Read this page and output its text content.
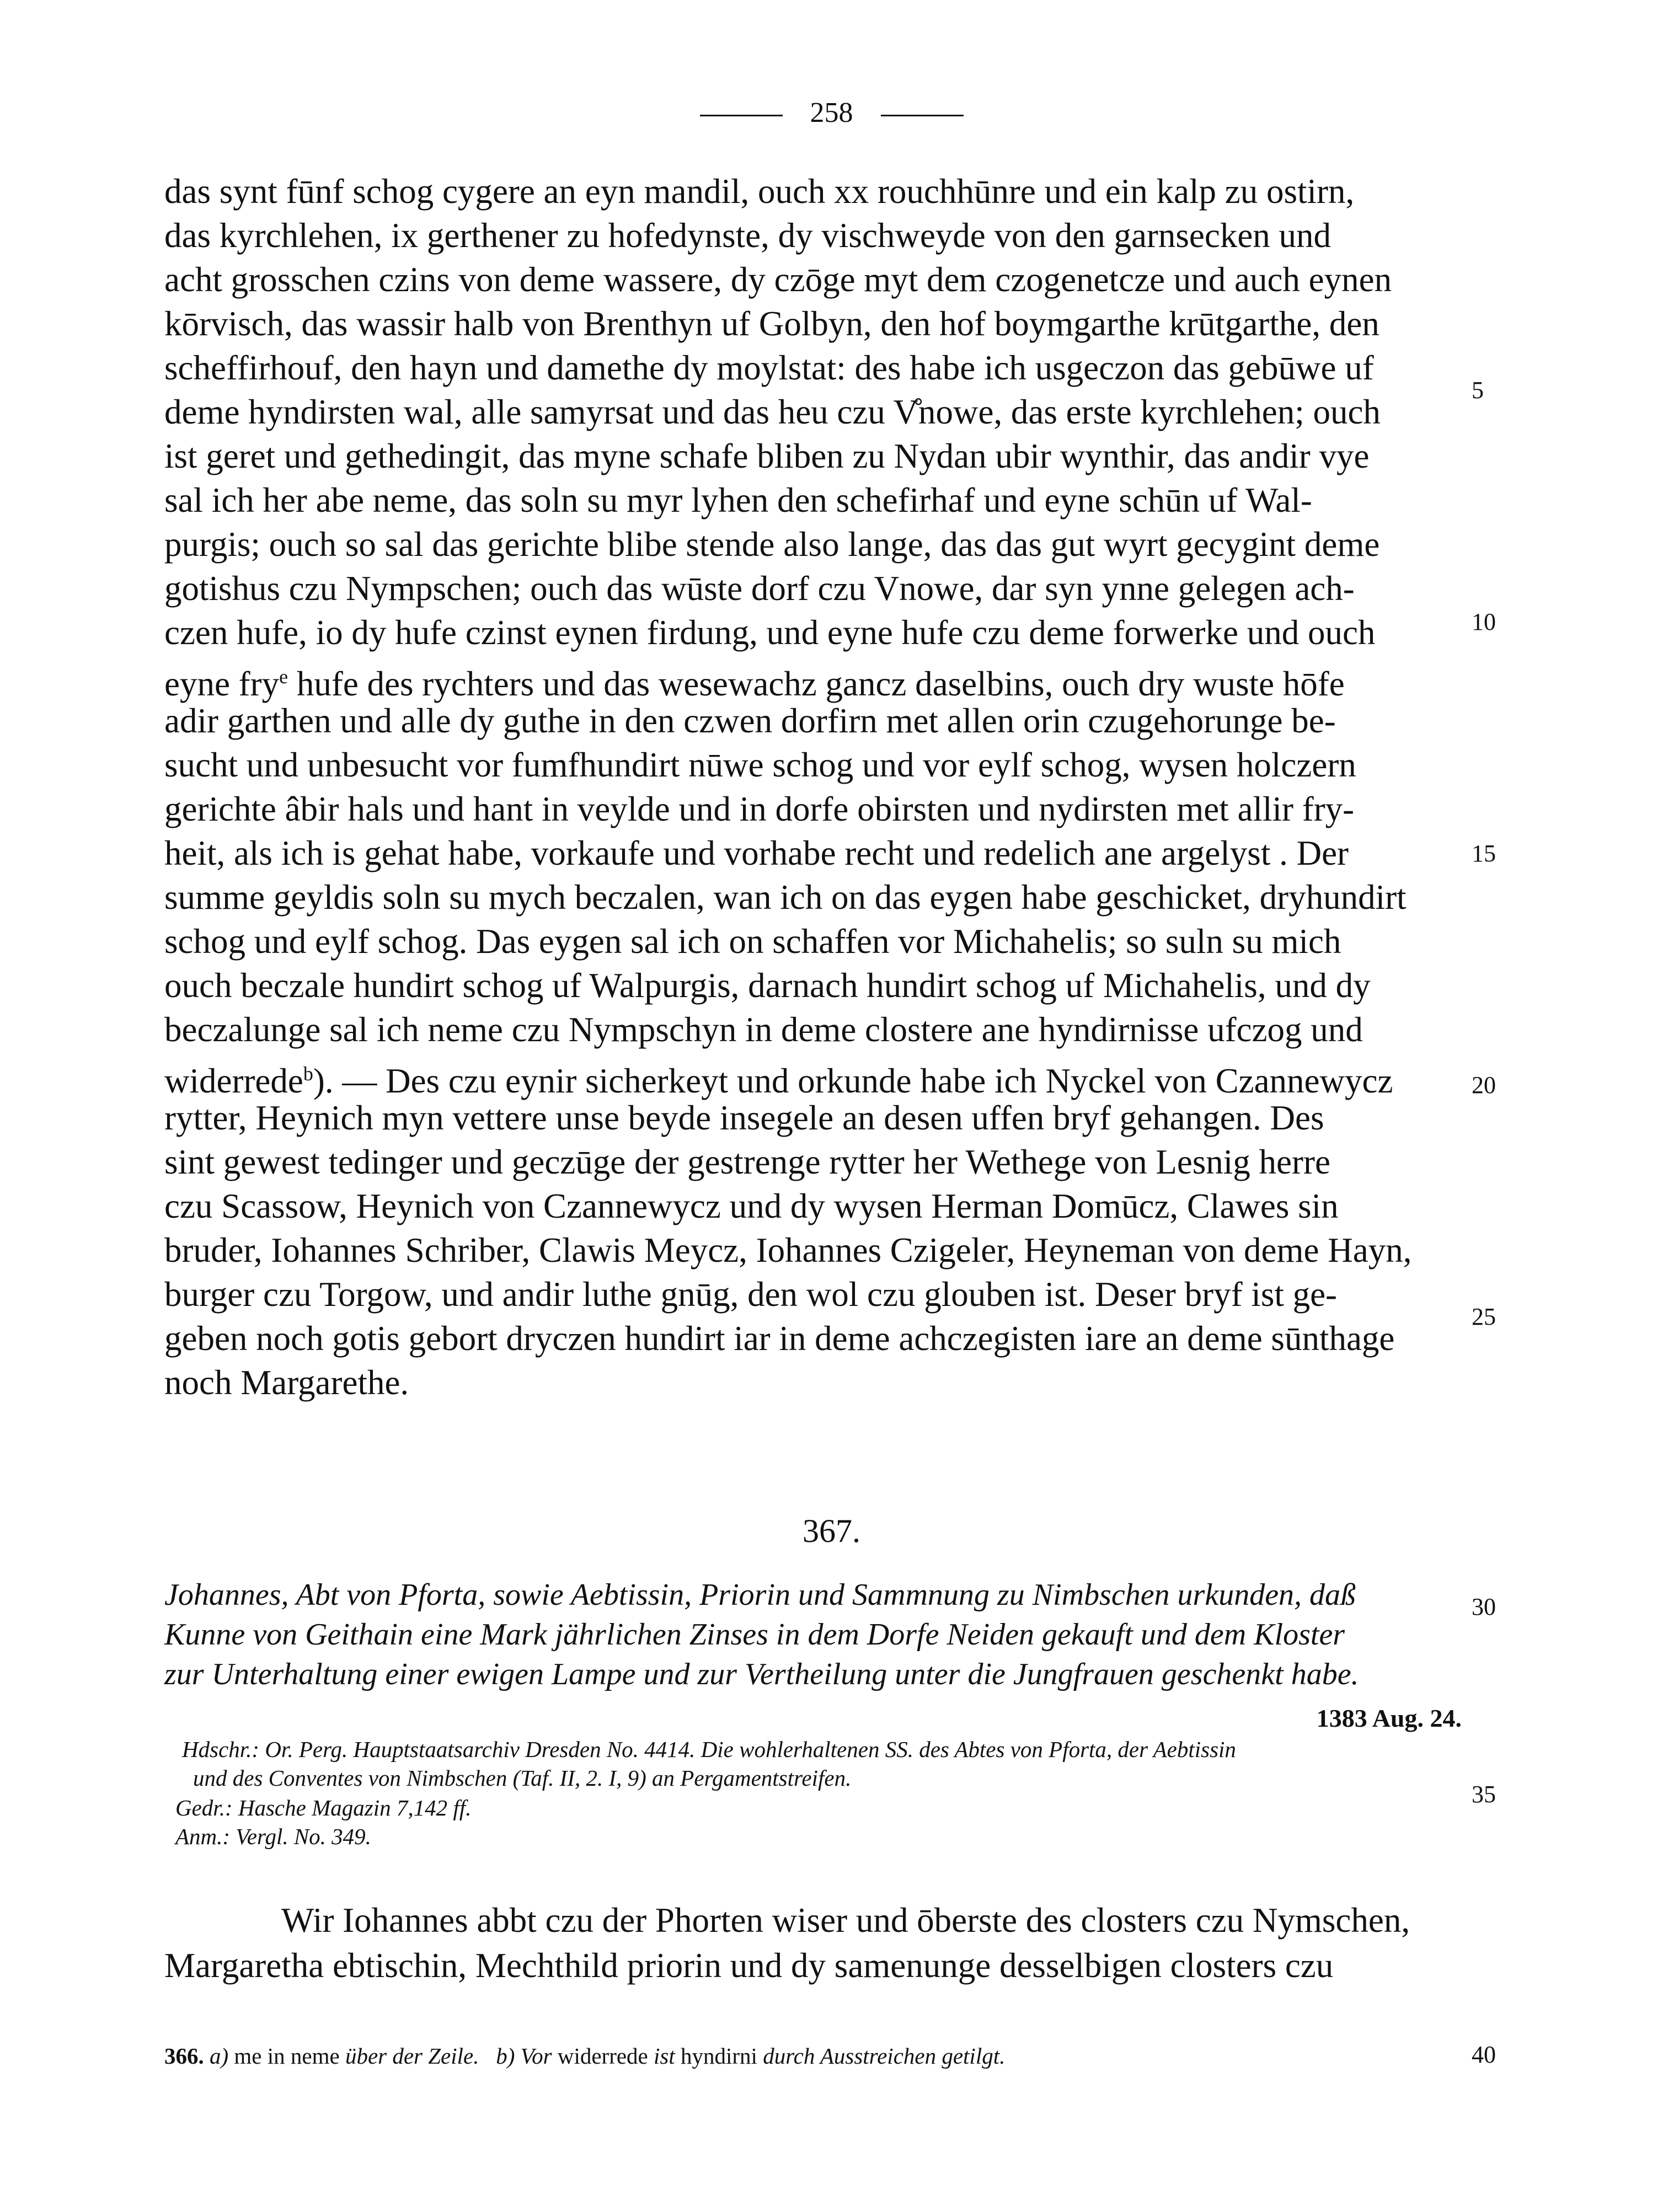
258
das synt fūnf schog cygere an eyn mandil, ouch xx rouchhūnre und ein kalp zu ostirn,
das kyrchlehen, ix gerthener zu hofedynste, dy vischweyde von den garnsecken und
acht grosschen czins von deme wassere, dy czōge myt dem czogenetcze und auch eynen
kōrvisch, das wassir halb von Brenthyn uf Golbyn, den hof boymgarthe krūtgarthe, den
scheffirhouf, den hayn und damethe dy moylstat: des habe ich usgeczon das gebūwe uf
deme hyndirsten wal, alle samyrsat und das heu czu V̊nowe, das erste kyrchlehen; ouch
ist geret und gethedingit, das myne schafe bliben zu Nydan ubir wynthir, das andir vye
sal ich her abe neme, das soln su myr lyhen den schefirhaf und eyne schūn uf Wal-
purgis; ouch so sal das gerichte blibe stende also lange, das das gut wyrt gecygint deme
gotishus czu Nympschen; ouch das wūste dorf czu Vnowe, dar syn ynne gelegen ach-
czen hufe, io dy hufe czinst eynen firdung, und eyne hufe czu deme forwerke und ouch
eyne fry$^e$ hufe des rychters und das wesewachz gancz daselbins, ouch dry wuste hōfe
adir garthen und alle dy guthe in den czwen dorfirn met allen orin czugehorunge be-
sucht und unbesucht vor fumfhundirt nūwe schog und vor eylf schog, wysen holczern
gerichte âbir hals und hant in veylde und in dorfe obirsten und nydirsten met allir fry-
heit, als ich is gehat habe, vorkaufe und vorhabe recht und redelich ane argelyst . Der
summe geyldis soln su mych beczalen, wan ich on das eygen habe geschicket, dryhundirt
schog und eylf schog. Das eygen sal ich on schaffen vor Michahelis; so suln su mich
ouch beczale hundirt schog uf Walpurgis, darnach hundirt schog uf Michahelis, und dy
beczalunge sal ich neme czu Nympschyn in deme clostere ane hyndirnisse ufczog und
widerrede$^b$). — Des czu eynir sicherkeyt und orkunde habe ich Nyckel von Czannewycz
rytter, Heynich myn vettere unse beyde insegele an desen uffen bryf gehangen. Des
sint gewest tedinger und geczūge der gestrenge rytter her Wethege von Lesnig herre
czu Scassow, Heynich von Czannewycz und dy wysen Herman Domūcz, Clawes sin
bruder, Iohannes Schriber, Clawis Meycz, Iohannes Czigeler, Heyneman von deme Hayn,
burger czu Torgow, und andir luthe gnūg, den wol czu glouben ist. Deser bryf ist ge-
geben noch gotis gebort dryczen hundirt iar in deme achczegisten iare an deme sūnthage
noch Margarethe.
5
10
15
20
25
30
35
40
367.
Johannes, Abt von Pforta, sowie Aebtissin, Priorin und Sammnung zu Nimbschen urkunden, daß
Kunne von Geithain eine Mark jährlichen Zinses in dem Dorfe Neiden gekauft und dem Kloster
zur Unterhaltung einer ewigen Lampe und zur Vertheilung unter die Jungfrauen geschenkt habe.
1383 Aug. 24.
Hdschr.: Or. Perg. Hauptstaatsarchiv Dresden No. 4414. Die wohlerhaltenen SS. des Abtes von Pforta, der Aebtissin
und des Conventes von Nimbschen (Taf. II, 2. I, 9) an Pergamentstreifen.
Gedr.: Hasche Magazin 7,142 ff.
Anm.: Vergl. No. 349.
Wir Iohannes abbt czu der Phorten wiser und ōberste des closters czu Nymschen,
Margaretha ebtischin, Mechthild priorin und dy samenunge desselbigen closters czu
366. a) me in neme über der Zeile. b) Vor widerrede ist hyndirni durch Ausstreichen getilgt.
